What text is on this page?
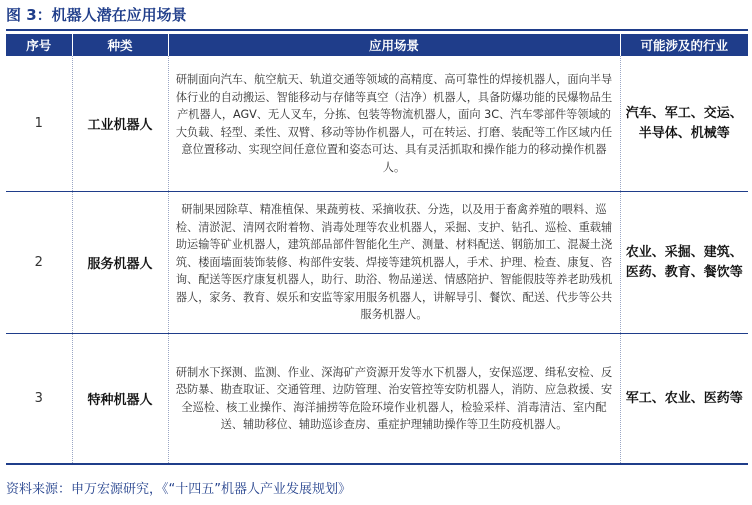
图 3：机器人潜在应用场景
序号	种类	应用场景	可能涉及的行业
1	工业机器人	研制面向汽车、航空航天、轨道交通等领域的高精度、高可靠性的焊接机器人，面向半导体行业的自动搬运、智能移动与存储等真空（洁净）机器人，具备防爆功能的民爆物品生产机器人，AGV、无人叉车，分拣、包装等物流机器人，面向 3C、汽车零部件等领域的大负载、轻型、柔性、双臂、移动等协作机器人，可在转运、打磨、装配等工作区域内任意位置移动、实现空间任意位置和姿态可达、具有灵活抓取和操作能力的移动操作机器人。	汽车、军工、交运、半导体、机械等
2	服务机器人	研制果园除草、精准植保、果蔬剪枝、采摘收获、分选，以及用于畜禽养殖的喂料、巡检、清淤泥、清网衣附着物、消毒处理等农业机器人，采掘、支护、钻孔、巡检、重载辅助运输等矿业机器人，建筑部品部件智能化生产、测量、材料配送、钢筋加工、混凝土浇筑、楼面墙面装饰装修、构部件安装、焊接等建筑机器人，手术、护理、检查、康复、咨询、配送等医疗康复机器人，助行、助浴、物品递送、情感陪护、智能假肢等养老助残机器人，家务、教育、娱乐和安监等家用服务机器人，讲解导引、餐饮、配送、代步等公共服务机器人。	农业、采掘、建筑、医药、教育、餐饮等
3	特种机器人	研制水下探测、监测、作业、深海矿产资源开发等水下机器人，安保巡逻、缉私安检、反恐防暴、勘查取证、交通管理、边防管理、治安管控等安防机器人，消防、应急救援、安全巡检、核工业操作、海洋捕捞等危险环境作业机器人，检验采样、消毒清洁、室内配送、辅助移位、辅助巡诊查房、重症护理辅助操作等卫生防疫机器人。	军工、农业、医药等
资料来源：申万宏源研究，《“十四五”机器人产业发展规划》
